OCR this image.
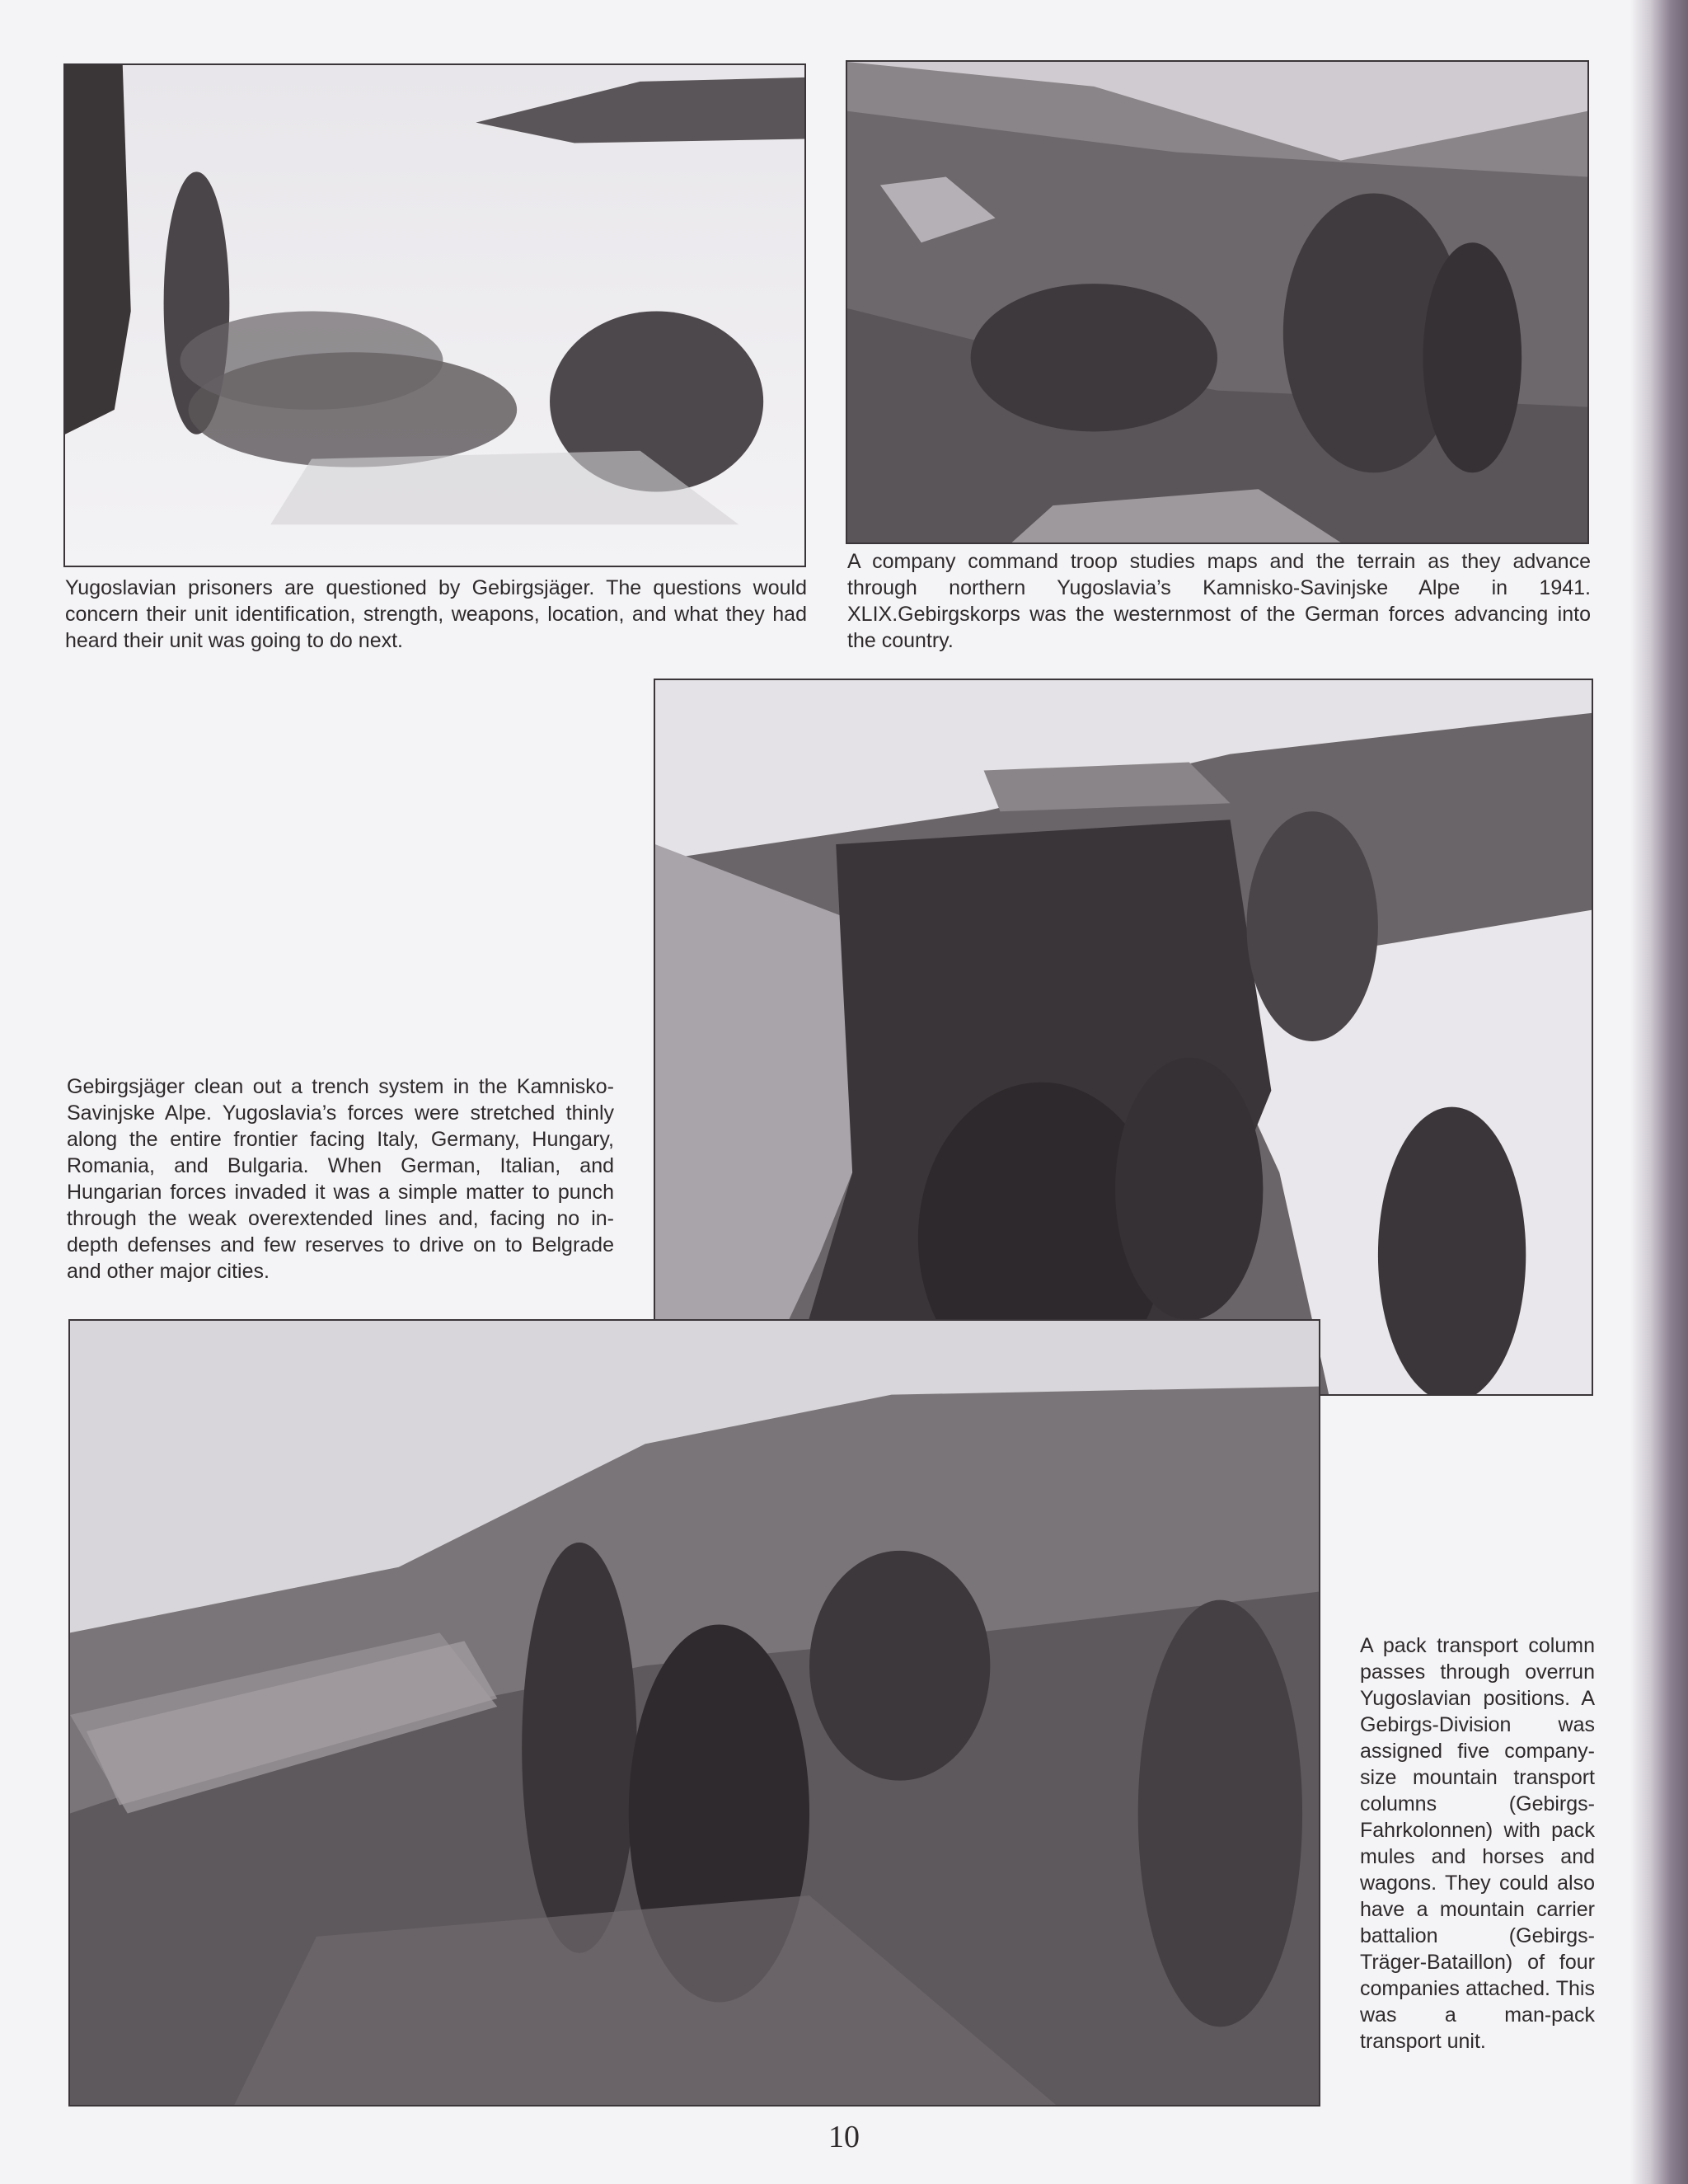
Yugoslavian prisoners are questioned by Gebirgsjäger. The questions would concern their unit identification, strength, weapons, location, and what they had heard their unit was going to do next.

A company command troop studies maps and the terrain as they advance through northern Yugoslavia’s Kamnisko-Savinjske Alpe in 1941. XLIX.Gebirgskorps was the westernmost of the German forces advancing into the country.

Gebirgsjäger clean out a trench system in the Kamnisko-Savinjske Alpe. Yugoslavia’s forces were stretched thinly along the entire frontier facing Italy, Germany, Hungary, Romania, and Bulgaria. When German, Italian, and Hungarian forces invaded it was a simple matter to punch through the weak overextended lines and, facing no in-depth defenses and few reserves to drive on to Belgrade and other major cities.

A pack transport column passes through overrun Yugoslavian positions. A Gebirgs-Division was assigned five company-size mountain transport columns (Gebirgs-Fahrkolonnen) with pack mules and horses and wagons. They could also have a mountain carrier battalion (Gebirgs-Träger-Bataillon) of four companies attached. This was a man-pack transport unit.

10
